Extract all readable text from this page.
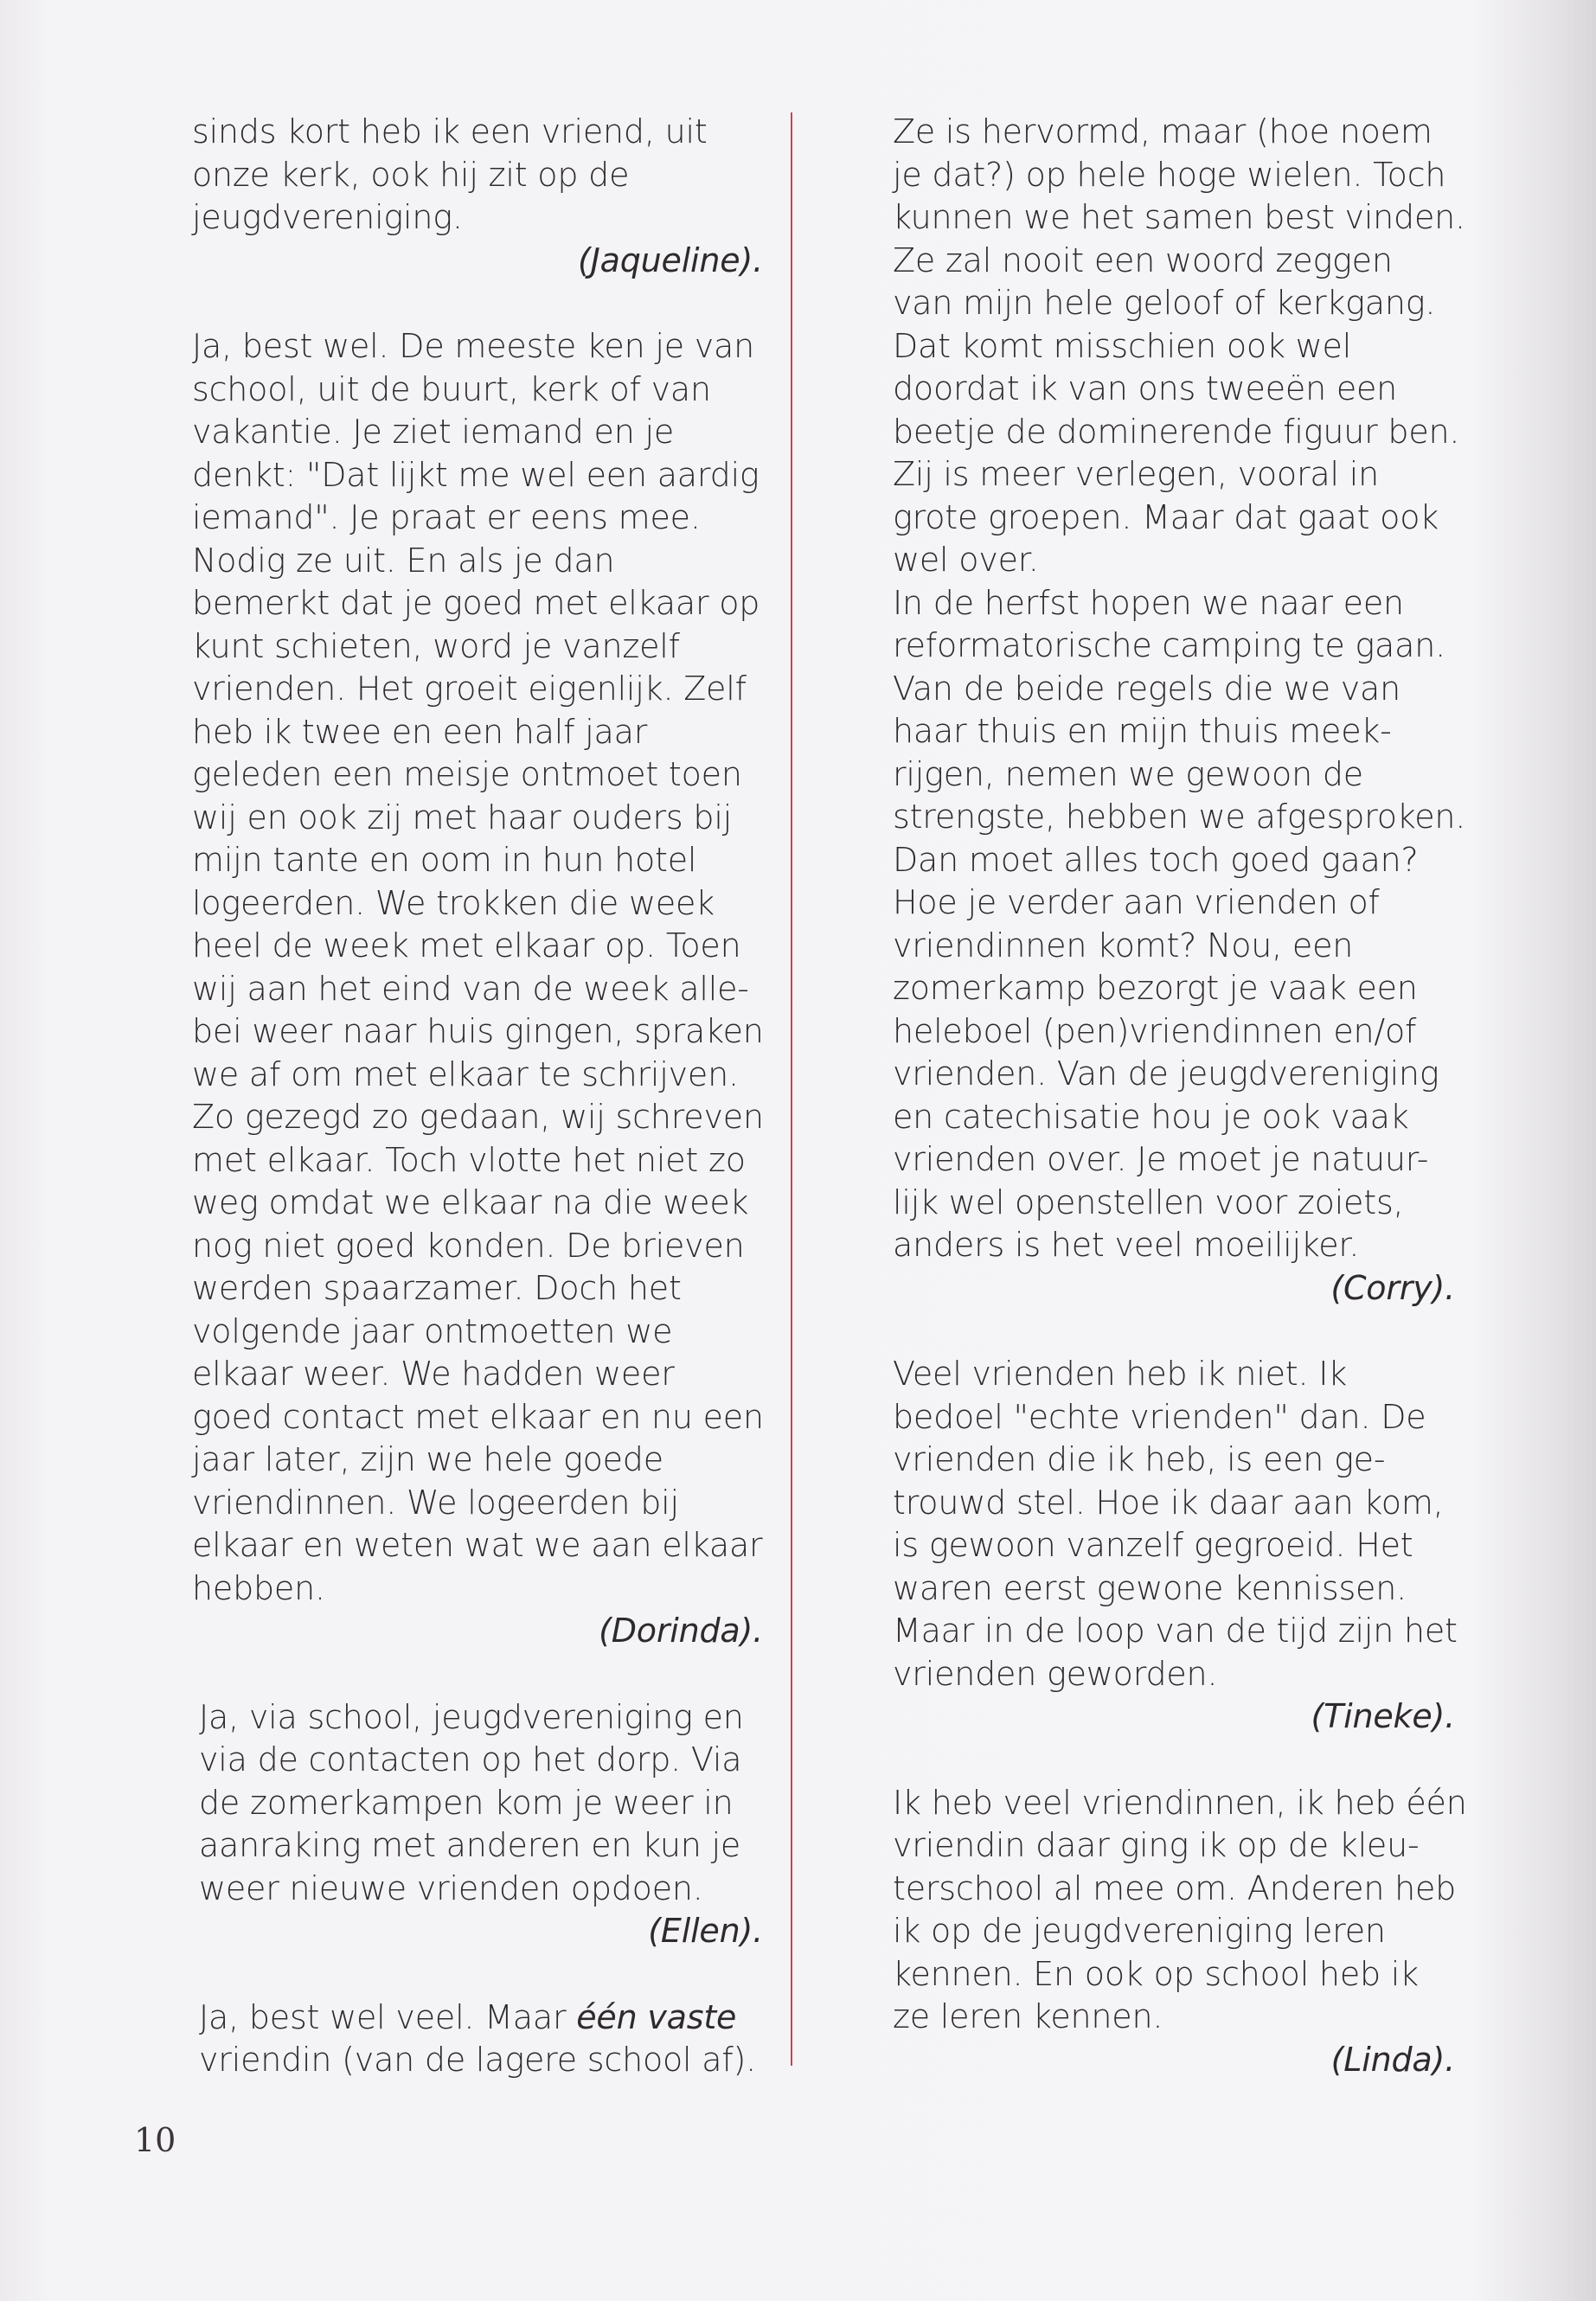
sinds kort heb ik een vriend, uit
onze kerk, ook hij zit op de
jeugdvereniging.
(Jaqueline).
Ja, best wel. De meeste ken je van
school, uit de buurt, kerk of van
vakantie. Je ziet iemand en je
denkt: "Dat lijkt me wel een aardig
iemand". Je praat er eens mee.
Nodig ze uit. En als je dan
bemerkt dat je goed met elkaar op
kunt schieten, word je vanzelf
vrienden. Het groeit eigenlijk. Zelf
heb ik twee en een half jaar
geleden een meisje ontmoet toen
wij en ook zij met haar ouders bij
mijn tante en oom in hun hotel
logeerden. We trokken die week
heel de week met elkaar op. Toen
wij aan het eind van de week alle-
bei weer naar huis gingen, spraken
we af om met elkaar te schrijven.
Zo gezegd zo gedaan, wij schreven
met elkaar. Toch vlotte het niet zo
weg omdat we elkaar na die week
nog niet goed konden. De brieven
werden spaarzamer. Doch het
volgende jaar ontmoetten we
elkaar weer. We hadden weer
goed contact met elkaar en nu een
jaar later, zijn we hele goede
vriendinnen. We logeerden bij
elkaar en weten wat we aan elkaar
hebben.
(Dorinda).
Ja, via school, jeugdvereniging en
via de contacten op het dorp. Via
de zomerkampen kom je weer in
aanraking met anderen en kun je
weer nieuwe vrienden opdoen.
(Ellen).
Ja, best wel veel. Maar één vaste
vriendin (van de lagere school af).
Ze is hervormd, maar (hoe noem
je dat?) op hele hoge wielen. Toch
kunnen we het samen best vinden.
Ze zal nooit een woord zeggen
van mijn hele geloof of kerkgang.
Dat komt misschien ook wel
doordat ik van ons tweeën een
beetje de dominerende figuur ben.
Zij is meer verlegen, vooral in
grote groepen. Maar dat gaat ook
wel over.
In de herfst hopen we naar een
reformatorische camping te gaan.
Van de beide regels die we van
haar thuis en mijn thuis meek-
rijgen, nemen we gewoon de
strengste, hebben we afgesproken.
Dan moet alles toch goed gaan?
Hoe je verder aan vrienden of
vriendinnen komt? Nou, een
zomerkamp bezorgt je vaak een
heleboel (pen)vriendinnen en/of
vrienden. Van de jeugdvereniging
en catechisatie hou je ook vaak
vrienden over. Je moet je natuur-
lijk wel openstellen voor zoiets,
anders is het veel moeilijker.
(Corry).
Veel vrienden heb ik niet. Ik
bedoel "echte vrienden" dan. De
vrienden die ik heb, is een ge-
trouwd stel. Hoe ik daar aan kom,
is gewoon vanzelf gegroeid. Het
waren eerst gewone kennissen.
Maar in de loop van de tijd zijn het
vrienden geworden.
(Tineke).
Ik heb veel vriendinnen, ik heb één
vriendin daar ging ik op de kleu-
terschool al mee om. Anderen heb
ik op de jeugdvereniging leren
kennen. En ook op school heb ik
ze leren kennen.
(Linda).
10
